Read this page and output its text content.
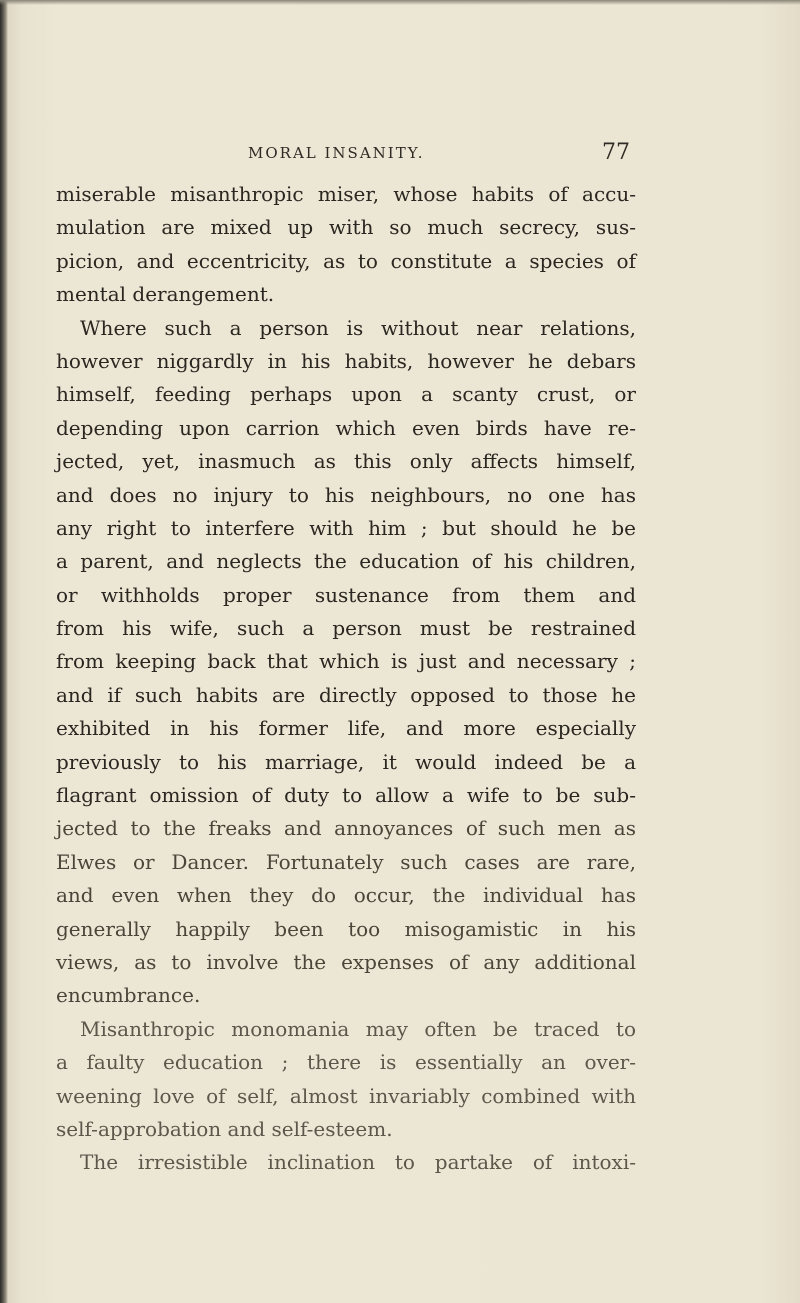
MORAL INSANITY.	77
miserable misanthropic miser, whose habits of accu-
mulation are mixed up with so much secrecy, sus-
picion, and eccentricity, as to constitute a species of
mental derangement.
Where such a person is without near relations,
however niggardly in his habits, however he debars
himself, feeding perhaps upon a scanty crust, or
depending upon carrion which even birds have re-
jected, yet, inasmuch as this only affects himself,
and does no injury to his neighbours, no one has
any right to interfere with him ; but should he be
a parent, and neglects the education of his children,
or withholds proper sustenance from them and
from his wife, such a person must be restrained
from keeping back that which is just and necessary ;
and if such habits are directly opposed to those he
exhibited in his former life, and more especially
previously to his marriage, it would indeed be a
flagrant omission of duty to allow a wife to be sub-
jected to the freaks and annoyances of such men as
Elwes or Dancer. Fortunately such cases are rare,
and even when they do occur, the individual has
generally happily been too misogamistic in his
views, as to involve the expenses of any additional
encumbrance.
Misanthropic monomania may often be traced to
a faulty education ; there is essentially an over-
weening love of self, almost invariably combined with
self-approbation and self-esteem.
The irresistible inclination to partake of intoxi-
